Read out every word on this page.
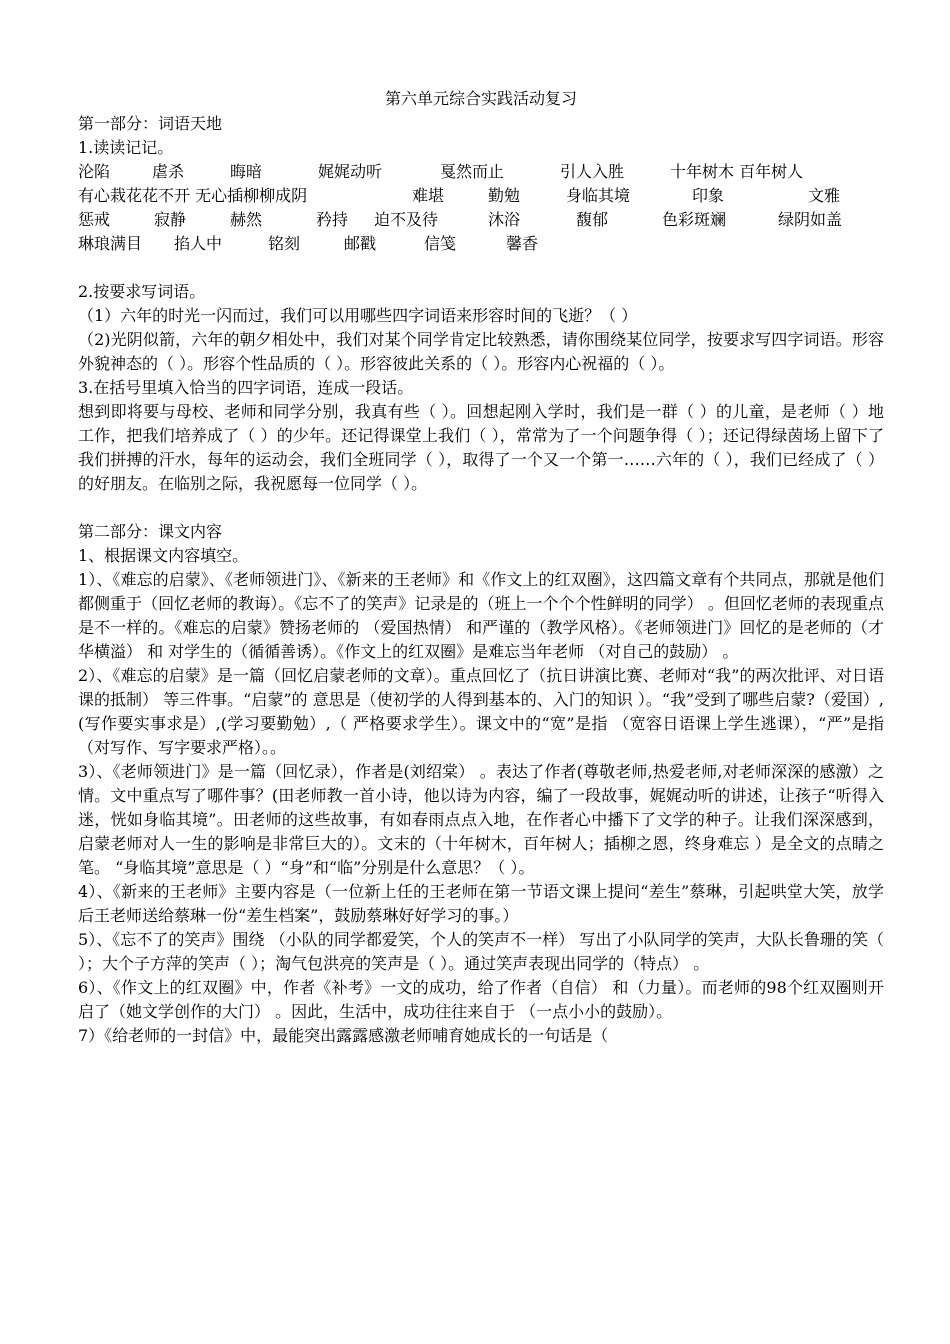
第六单元综合实践活动复习
第一部分：词语天地
1.读读记记。
沦陷	虐杀	晦暗	娓娓动听	戛然而止	引人入胜	十年树木 百年树人
有心栽花花不开 无心插柳柳成阴	难堪	勤勉	身临其境	印象	文雅
惩戒	寂静	赫然	矜持 迫不及待	沐浴	馥郁	色彩斑斓	绿阴如盖
琳琅满目 掐人中	铭刻	邮戳	信笺	馨香
2.按要求写词语。
（1）六年的时光一闪而过，我们可以用哪些四字词语来形容时间的飞逝？（ ）
（2)光阴似箭，六年的朝夕相处中，我们对某个同学肯定比较熟悉，请你围绕某位同学，按要求写四字词语。形容外貌神态的（ ）。形容个性品质的（ ）。形容彼此关系的（ ）。形容内心祝福的（ ）。
3.在括号里填入恰当的四字词语，连成一段话。
想到即将要与母校、老师和同学分别，我真有些（ ）。回想起刚入学时，我们是一群（ ）的儿童，是老师（ ）地工作，把我们培养成了（ ）的少年。还记得课堂上我们（ ），常常为了一个问题争得（ ）；还记得绿茵场上留下了我们拼搏的汗水，每年的运动会，我们全班同学（ ），取得了一个又一个第一……六年的（ ），我们已经成了（ ）的好朋友。在临别之际，我祝愿每一位同学（ ）。
第二部分：课文内容
1、根据课文内容填空。
1）、《难忘的启蒙》、《老师领进门》、《新来的王老师》和《作文上的红双圈》，这四篇文章有个共同点，那就是他们都侧重于（回忆老师的教诲）。《忘不了的笑声》记录是的（班上一个个个性鲜明的同学） 。但回忆老师的表现重点是不一样的。《难忘的启蒙》赞扬老师的 （爱国热情） 和严谨的（教学风格）。《老师领进门》回忆的是老师的（才华横溢） 和 对学生的（循循善诱）。《作文上的红双圈》是难忘当年老师 （对自己的鼓励） 。
2）、《难忘的启蒙》是一篇（回忆启蒙老师的文章）。重点回忆了（抗日讲演比赛、老师对“我”的两次批评、对日语课的抵制） 等三件事。“启蒙”的 意思是（使初学的人得到基本的、入门的知识 ）。“我”受到了哪些启蒙?（爱国）,(写作要实事求是）,(学习要勤勉）,（ 严格要求学生）。课文中的“宽”是指 （宽容日语课上学生逃课），“严”是指 （对写作、写字要求严格）。。
3）、《老师领进门》是一篇（回忆录），作者是(刘绍棠） 。表达了作者(尊敬老师,热爱老师,对老师深深的感激）之情。文中重点写了哪件事？(田老师教一首小诗，他以诗为内容，编了一段故事，娓娓动听的讲述，让孩子“听得入迷，恍如身临其境”。田老师的这些故事，有如春雨点点入地，在作者心中播下了文学的种子。让我们深深感到，启蒙老师对人一生的影响是非常巨大的）。文末的（十年树木，百年树人；插柳之恩，终身难忘 ）是全文的点睛之笔。 “身临其境”意思是（ ）“身”和“临”分别是什么意思？（ ）。
4）、《新来的王老师》主要内容是（一位新上任的王老师在第一节语文课上提问“差生”蔡琳，引起哄堂大笑，放学后王老师送给蔡琳一份“差生档案”，鼓励蔡琳好好学习的事。）
5）、《忘不了的笑声》围绕 （小队的同学都爱笑，个人的笑声不一样） 写出了小队同学的笑声，大队长鲁珊的笑（ ）；大个子方萍的笑声（ ）；淘气包洪亮的笑声是（ ）。通过笑声表现出同学的（特点） 。
6）、《作文上的红双圈》中，作者《补考》一文的成功，给了作者（自信） 和（力量）。而老师的98个红双圈则开启了（她文学创作的大门） 。因此，生活中，成功往往来自于 （一点小小的鼓励）。
7）《给老师的一封信》中，最能突出露露感激老师哺育她成长的一句话是（
